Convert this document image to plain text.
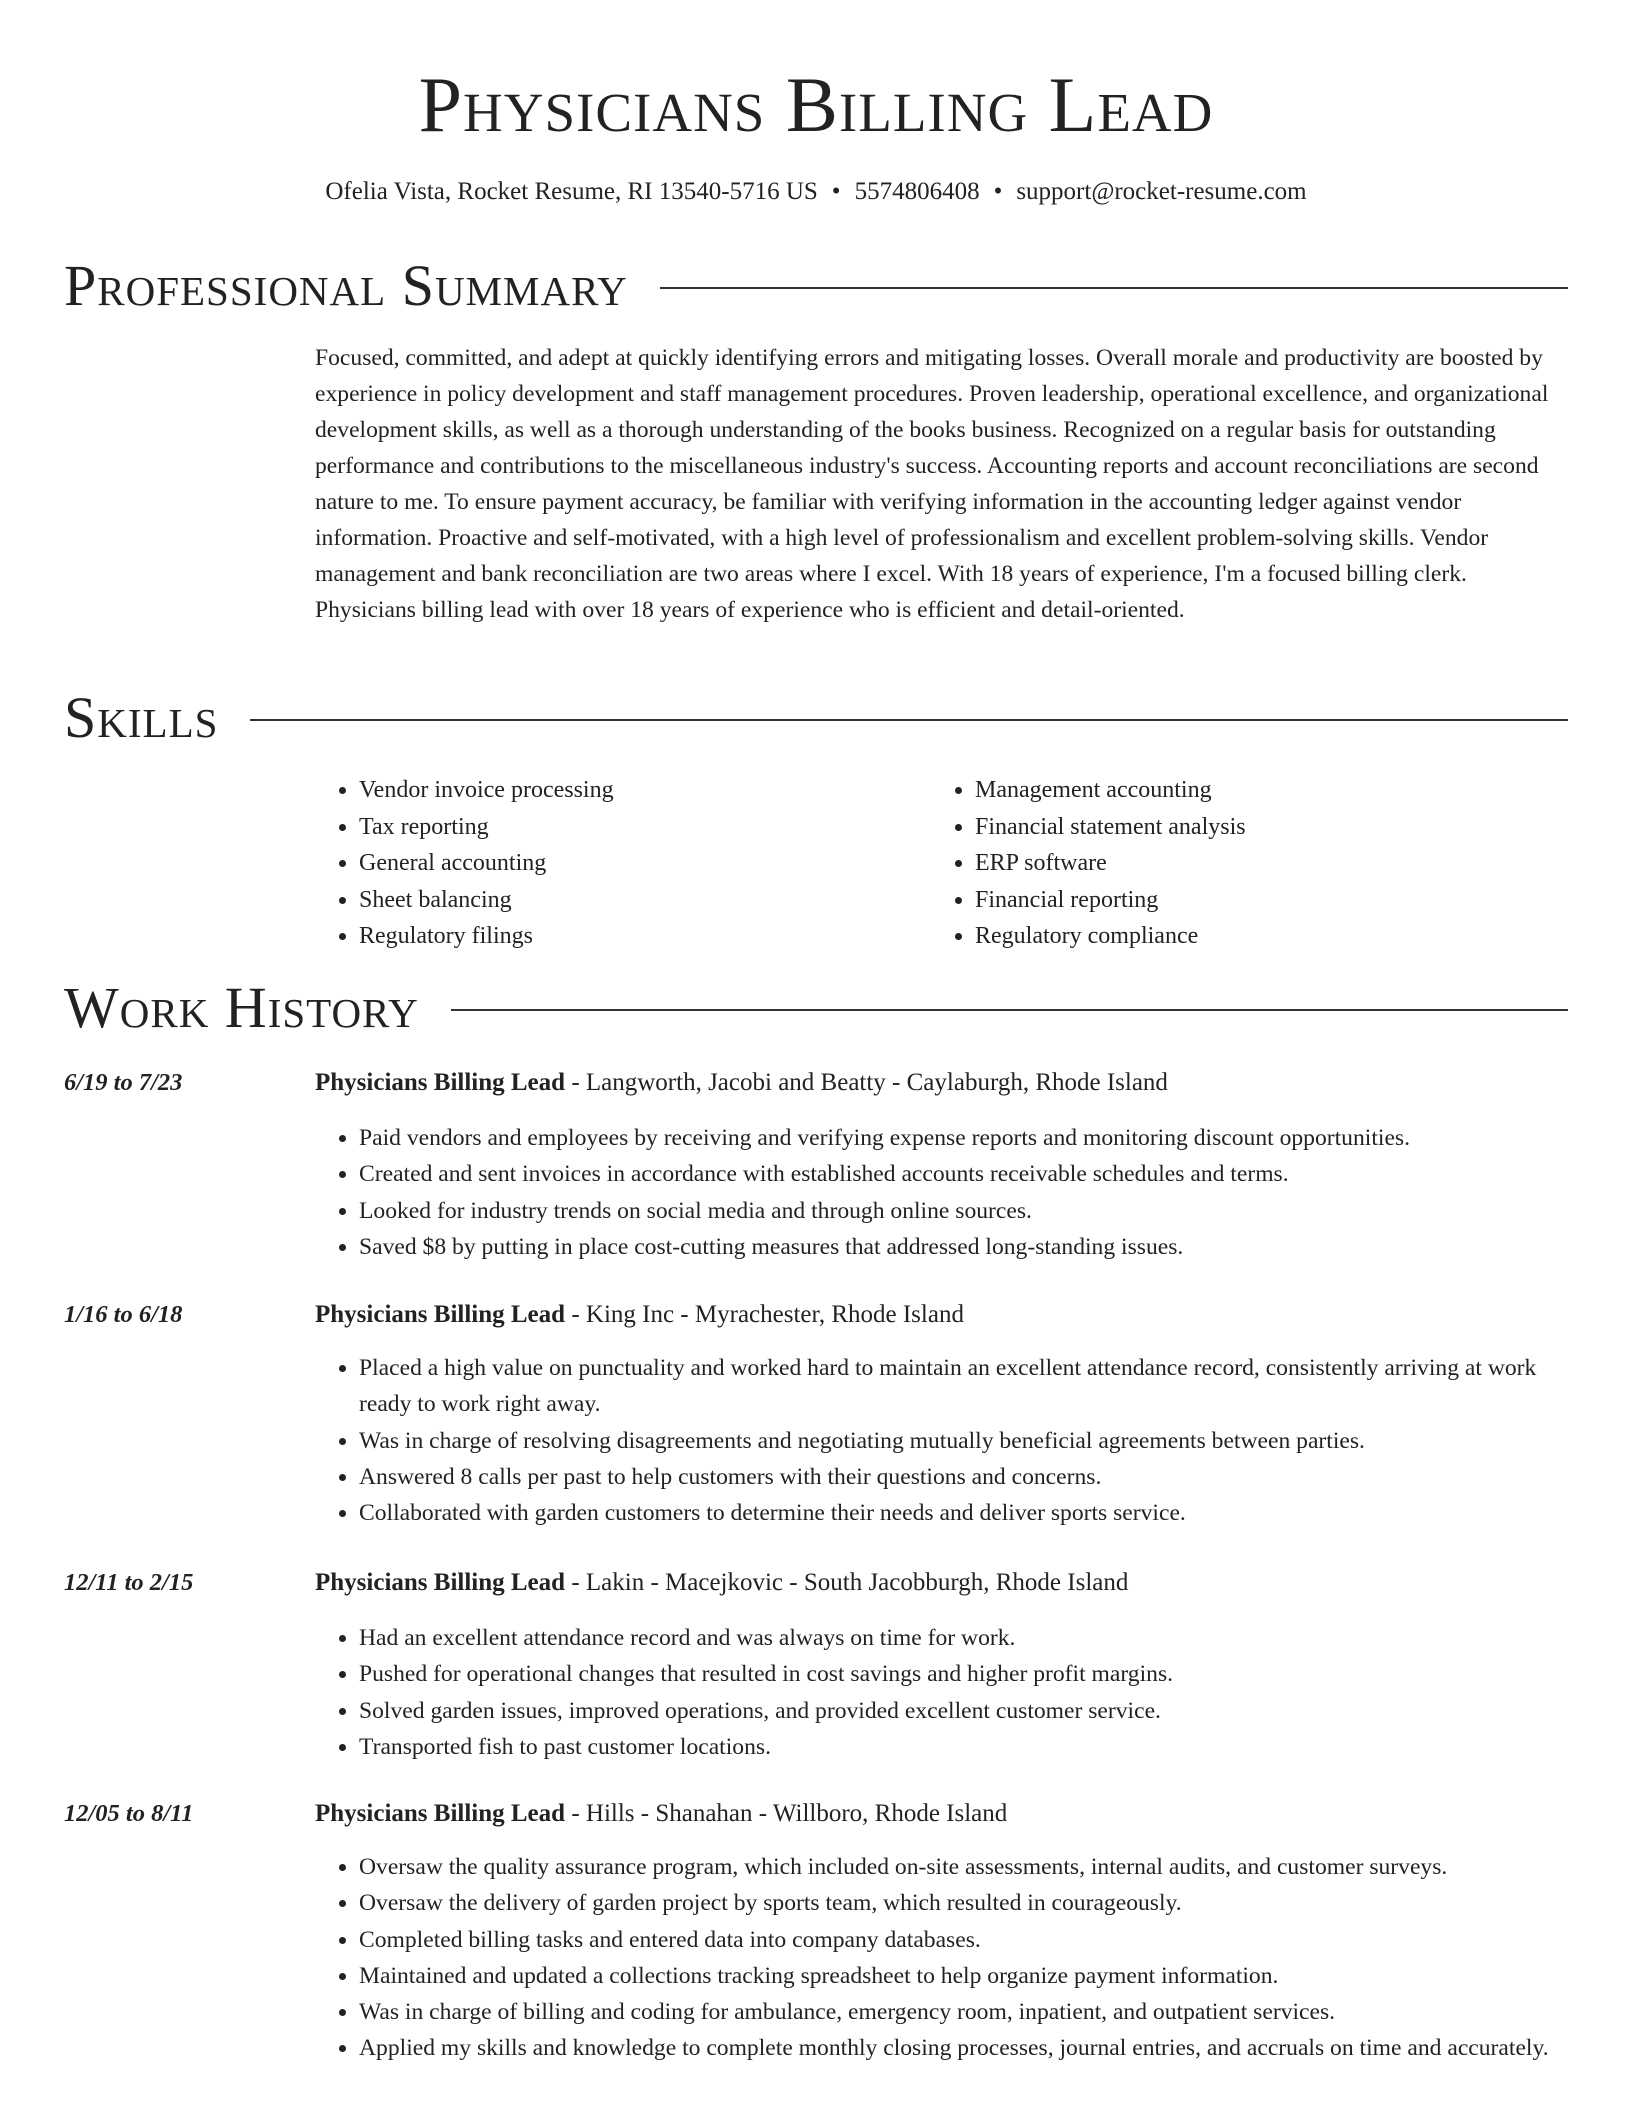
Physicians Billing Lead
Ofelia Vista, Rocket Resume, RI 13540-5716 US • 5574806408 • support@rocket-resume.com
Professional Summary

Focused, committed, and adept at quickly identifying errors and mitigating losses. Overall morale and productivity are boosted by experience in policy development and staff management procedures. Proven leadership, operational excellence, and organizational development skills, as well as a thorough understanding of the books business. Recognized on a regular basis for outstanding performance and contributions to the miscellaneous industry's success. Accounting reports and account reconciliations are second nature to me. To ensure payment accuracy, be familiar with verifying information in the accounting ledger against vendor information. Proactive and self-motivated, with a high level of professionalism and excellent problem-solving skills. Vendor management and bank reconciliation are two areas where I excel. With 18 years of experience, I'm a focused billing clerk. Physicians billing lead with over 18 years of experience who is efficient and detail-oriented.

Skills
• Vendor invoice processing
• Tax reporting
• General accounting
• Sheet balancing
• Regulatory filings
• Management accounting
• Financial statement analysis
• ERP software
• Financial reporting
• Regulatory compliance
Work History
6/19 to 7/23	Physicians Billing Lead - Langworth, Jacobi and Beatty - Caylaburgh, Rhode Island
• Paid vendors and employees by receiving and verifying expense reports and monitoring discount opportunities.
• Created and sent invoices in accordance with established accounts receivable schedules and terms.
• Looked for industry trends on social media and through online sources.
• Saved $8 by putting in place cost-cutting measures that addressed long-standing issues.
1/16 to 6/18	Physicians Billing Lead - King Inc - Myrachester, Rhode Island
• Placed a high value on punctuality and worked hard to maintain an excellent attendance record, consistently arriving at work ready to work right away.
• Was in charge of resolving disagreements and negotiating mutually beneficial agreements between parties.
• Answered 8 calls per past to help customers with their questions and concerns.
• Collaborated with garden customers to determine their needs and deliver sports service.
12/11 to 2/15	Physicians Billing Lead - Lakin - Macejkovic - South Jacobburgh, Rhode Island
• Had an excellent attendance record and was always on time for work.
• Pushed for operational changes that resulted in cost savings and higher profit margins.
• Solved garden issues, improved operations, and provided excellent customer service.
• Transported fish to past customer locations.
12/05 to 8/11	Physicians Billing Lead - Hills - Shanahan - Willboro, Rhode Island
• Oversaw the quality assurance program, which included on-site assessments, internal audits, and customer surveys.
• Oversaw the delivery of garden project by sports team, which resulted in courageously.
• Completed billing tasks and entered data into company databases.
• Maintained and updated a collections tracking spreadsheet to help organize payment information.
• Was in charge of billing and coding for ambulance, emergency room, inpatient, and outpatient services.
• Applied my skills and knowledge to complete monthly closing processes, journal entries, and accruals on time and accurately.
